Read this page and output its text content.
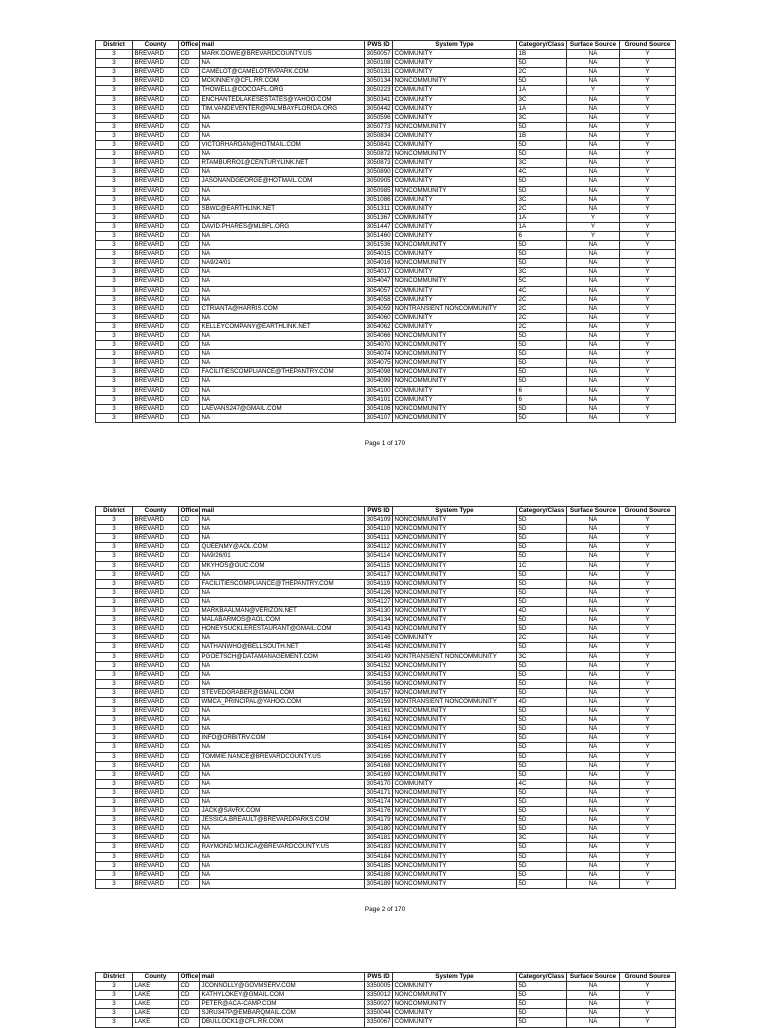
District	County	Office	mail	PWS ID	System Type	Category/Class	Surface Source	Ground Source
3	BREVARD	CD	MARK.DOWE@BREVARDCOUNTY.US	3050057	COMMUNITY	1B	NA	Y
3	BREVARD	CD	NA	3050108	COMMUNITY	5D	NA	Y
3	BREVARD	CD	CAMELOT@CAMELOTRVPARK.COM	3050131	COMMUNITY	2C	NA	Y
3	BREVARD	CD	MCKINNEY@CFL.RR.COM	3050134	NONCOMMUNITY	5D	NA	Y
3	BREVARD	CD	THOWELL@COCOAFL.ORG	3050223	COMMUNITY	1A	Y	Y
3	BREVARD	CD	ENCHANTEDLAKESESTATES@YAHOO.COM	3050341	COMMUNITY	3C	NA	Y
3	BREVARD	CD	TIM.VANDEVENTER@PALMBAYFLORIDA.ORG	3050442	COMMUNITY	1A	NA	Y
3	BREVARD	CD	NA	3050596	COMMUNITY	3C	NA	Y
3	BREVARD	CD	NA	3050773	NONCOMMUNITY	5D	NA	Y
3	BREVARD	CD	NA	3050834	COMMUNITY	1B	NA	Y
3	BREVARD	CD	VICTORHARDAN@HOTMAIL.COM	3050841	COMMUNITY	5D	NA	Y
3	BREVARD	CD	NA	3050872	NONCOMMUNITY	5D	NA	Y
3	BREVARD	CD	RTAMBURRO1@CENTURYLINK.NET	3050873	COMMUNITY	3C	NA	Y
3	BREVARD	CD	NA	3050890	COMMUNITY	4C	NA	Y
3	BREVARD	CD	JASONANDGEORGE@HOTMAIL.COM	3050905	COMMUNITY	5D	NA	Y
3	BREVARD	CD	NA	3050985	NONCOMMUNITY	5D	NA	Y
3	BREVARD	CD	NA	3051086	COMMUNITY	3C	NA	Y
3	BREVARD	CD	SBWC@EARTHLINK.NET	3051311	COMMUNITY	2C	NA	Y
3	BREVARD	CD	NA	3051367	COMMUNITY	1A	Y	Y
3	BREVARD	CD	DAVID.PHARES@MLBFL.ORG	3051447	COMMUNITY	1A	Y	Y
3	BREVARD	CD	NA	3051460	COMMUNITY	6	Y	Y
3	BREVARD	CD	NA	3051536	NONCOMMUNITY	5D	NA	Y
3	BREVARD	CD	NA	3054015	COMMUNITY	5D	NA	Y
3	BREVARD	CD	NA9/24/01	3054016	NONCOMMUNITY	5D	NA	Y
3	BREVARD	CD	NA	3054017	COMMUNITY	3C	NA	Y
3	BREVARD	CD	NA	3054047	NONCOMMUNITY	5C	NA	Y
3	BREVARD	CD	NA	3054057	COMMUNITY	4C	NA	Y
3	BREVARD	CD	NA	3054058	COMMUNITY	2C	NA	Y
3	BREVARD	CD	CTRIANTA@HARRIS.COM	3054059	NONTRANSIENT NONCOMMUNITY	2C	NA	Y
3	BREVARD	CD	NA	3054060	COMMUNITY	2C	NA	Y
3	BREVARD	CD	KELLEYCOMPANY@EARTHLINK.NET	3054062	COMMUNITY	2C	NA	Y
3	BREVARD	CD	NA	3054066	NONCOMMUNITY	5D	NA	Y
3	BREVARD	CD	NA	3054070	NONCOMMUNITY	5D	NA	Y
3	BREVARD	CD	NA	3054074	NONCOMMUNITY	5D	NA	Y
3	BREVARD	CD	NA	3054075	NONCOMMUNITY	5D	NA	Y
3	BREVARD	CD	FACILITIESCOMPLIANCE@THEPANTRY.COM	3054098	NONCOMMUNITY	5D	NA	Y
3	BREVARD	CD	NA	3054099	NONCOMMUNITY	5D	NA	Y
3	BREVARD	CD	NA	3054100	COMMUNITY	6	NA	Y
3	BREVARD	CD	NA	3054101	COMMUNITY	6	NA	Y
3	BREVARD	CD	LAEVANS247@GMAIL.COM	3054106	NONCOMMUNITY	5D	NA	Y
3	BREVARD	CD	NA	3054107	NONCOMMUNITY	5D	NA	Y
Page 1 of 170
District	County	Office	mail	PWS ID	System Type	Category/Class	Surface Source	Ground Source
3	BREVARD	CD	NA	3054109	NONCOMMUNITY	5D	NA	Y
3	BREVARD	CD	NA	3054110	NONCOMMUNITY	5D	NA	Y
3	BREVARD	CD	NA	3054111	NONCOMMUNITY	5D	NA	Y
3	BREVARD	CD	QUEENMY@AOL.COM	3054112	NONCOMMUNITY	5D	NA	Y
3	BREVARD	CD	NA9/26/01	3054114	NONCOMMUNITY	5D	NA	Y
3	BREVARD	CD	MKYHOS@OUC.COM	3054115	NONCOMMUNITY	1C	NA	Y
3	BREVARD	CD	NA	3054117	NONCOMMUNITY	5D	NA	Y
3	BREVARD	CD	FACILITIESCOMPLIANCE@THEPANTRY.COM	3054119	NONCOMMUNITY	5D	NA	Y
3	BREVARD	CD	NA	3054126	NONCOMMUNITY	5D	NA	Y
3	BREVARD	CD	NA	3054127	NONCOMMUNITY	5D	NA	Y
3	BREVARD	CD	MARKBAALMAN@VERIZON.NET	3054130	NONCOMMUNITY	4D	NA	Y
3	BREVARD	CD	MALABARMOS@AOL.COM	3054134	NONCOMMUNITY	5D	NA	Y
3	BREVARD	CD	HONEYSUCKLERESTAURANT@GMAIL.COM	3054143	NONCOMMUNITY	5D	NA	Y
3	BREVARD	CD	NA	3054146	COMMUNITY	2C	NA	Y
3	BREVARD	CD	NATHANWHO@BELLSOUTH.NET	3054148	NONCOMMUNITY	5D	NA	Y
3	BREVARD	CD	PGOETSCH@DATAMANAGEMENT.COM	3054149	NONTRANSIENT NONCOMMUNITY	3C	NA	Y
3	BREVARD	CD	NA	3054152	NONCOMMUNITY	5D	NA	Y
3	BREVARD	CD	NA	3054153	NONCOMMUNITY	5D	NA	Y
3	BREVARD	CD	NA	3054156	NONCOMMUNITY	5D	NA	Y
3	BREVARD	CD	STEVEDGRABER@GMAIL.COM	3054157	NONCOMMUNITY	5D	NA	Y
3	BREVARD	CD	WMCA_PRINCIPAL@YAHOO.COM	3054159	NONTRANSIENT NONCOMMUNITY	4D	NA	Y
3	BREVARD	CD	NA	3054161	NONCOMMUNITY	5D	NA	Y
3	BREVARD	CD	NA	3054162	NONCOMMUNITY	5D	NA	Y
3	BREVARD	CD	NA	3054163	NONCOMMUNITY	5D	NA	Y
3	BREVARD	CD	INFO@ORBITRV.COM	3054164	NONCOMMUNITY	5D	NA	Y
3	BREVARD	CD	NA	3054165	NONCOMMUNITY	5D	NA	Y
3	BREVARD	CD	TOMMIE.NANCE@BREVARDCOUNTY.US	3054166	NONCOMMUNITY	5D	NA	Y
3	BREVARD	CD	NA	3054168	NONCOMMUNITY	5D	NA	Y
3	BREVARD	CD	NA	3054169	NONCOMMUNITY	5D	NA	Y
3	BREVARD	CD	NA	3054170	COMMUNITY	4C	NA	Y
3	BREVARD	CD	NA	3054171	NONCOMMUNITY	5D	NA	Y
3	BREVARD	CD	NA	3054174	NONCOMMUNITY	5D	NA	Y
3	BREVARD	CD	JACK@SAVRX.COM	3054176	NONCOMMUNITY	5D	NA	Y
3	BREVARD	CD	JESSICA.BREAULT@BREVARDPARKS.COM	3054179	NONCOMMUNITY	5D	NA	Y
3	BREVARD	CD	NA	3054180	NONCOMMUNITY	5D	NA	Y
3	BREVARD	CD	NA	3054181	NONCOMMUNITY	3C	NA	Y
3	BREVARD	CD	RAYMOND.MOJICA@BREVARDCOUNTY.US	3054183	NONCOMMUNITY	5D	NA	Y
3	BREVARD	CD	NA	3054184	NONCOMMUNITY	5D	NA	Y
3	BREVARD	CD	NA	3054185	NONCOMMUNITY	5D	NA	Y
3	BREVARD	CD	NA	3054186	NONCOMMUNITY	5D	NA	Y
3	BREVARD	CD	NA	3054189	NONCOMMUNITY	5D	NA	Y
Page 2 of 170
District	County	Office	mail	PWS ID	System Type	Category/Class	Surface Source	Ground Source
3	LAKE	CD	JCONNOLLY@GOVMSERV.COM	3350005	COMMUNITY	5D	NA	Y
3	LAKE	CD	KATHYLOKEY@GMAIL.COM	3350012	NONCOMMUNITY	5D	NA	Y
3	LAKE	CD	PETER@ACA-CAMP.COM	3350027	NONCOMMUNITY	5D	NA	Y
3	LAKE	CD	SJRU347P@EMBARQMAIL.COM	3350044	COMMUNITY	5D	NA	Y
3	LAKE	CD	DBULLOCK1@CFL.RR.COM	3350067	COMMUNITY	5D	NA	Y
